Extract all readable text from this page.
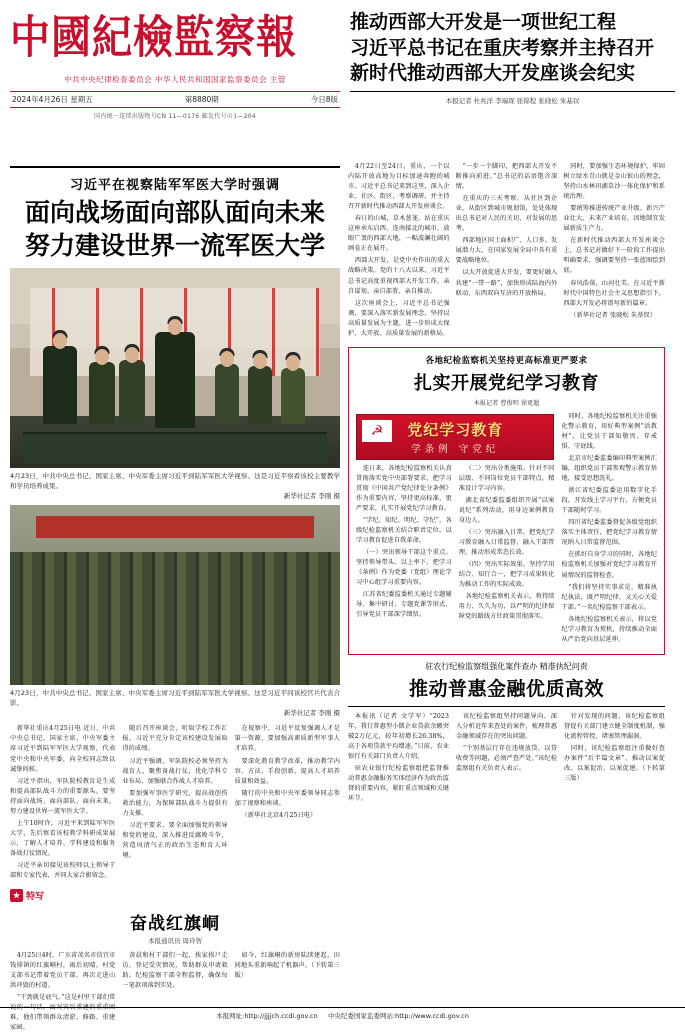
中國紀檢監察報
中共中央纪律检查委员会 中华人民共和国国家监察委员会 主管
2024年4月26日 星期五	第8880期	今日8版
国内统一连续出版物号CN 11—0176 邮发代号の1—204
推动西部大开发是一项世纪工程
习近平总书记在重庆考察并主持召开
新时代推动西部大开发座谈会纪实
本报记者 杜兆洋 李瑞琛 张锦程 张晓松 朱基钗
习近平在视察陆军军医大学时强调
面向战场面向部队面向未来
努力建设世界一流军医大学
4月23日，中共中央总书记、国家主席、中央军委主席习近平到陆军军医大学视察。这是习近平察看该校主要教学和学员培养成果。
新华社记者 李刚 摄
4月23日，中共中央总书记、国家主席、中央军委主席习近平到陆军军医大学视察。这是习近平同该校官兵代表合影。
新华社记者 李刚 摄

新华社重庆4月25日电 近日，中共中央总书记、国家主席、中央军委主席习近平到陆军军医大学视察，代表党中央和中央军委，向全校同志致以诚挚问候。

习近平指出，军队院校教育是生成和提高部队战斗力的重要源头。要坚持面向战场、面向部队、面向未来，努力建设世界一流军医大学。

上午10时许，习近平来到陆军军医大学，先后察看该校教学科研成果展示，了解人才培养、学科建设和服务备战打仗情况。

习近平亲切接见该校师以上领导干部和专家代表，并同大家合影留念。

随后召开座谈会，听取学校工作汇报。习近平充分肯定该校建设发展取得的成绩。

习近平强调，军队院校必须坚持为战育人，聚焦备战打仗，优化学科专业布局，加强联合作战人才培养。

要加强军事医学研究，提高战创伤救治能力，为保障部队战斗力提供有力支撑。

习近平要求，要全面加强党的领导和党的建设，深入推进反腐败斗争，营造风清气正的政治生态和育人环境。

在视察中，习近平反复强调人才是第一资源，要加强高素质新型军事人才培养。

要深化教育教学改革，推动教学内容、方法、手段创新，提高人才培养质量和效益。

随行的中央和中央军委领导同志参加了视察和座谈。

（新华社北京4月25日电）

★ 特写
奋战红旗峒
本报通讯员 周玲智

4月25日4时，广东省茂名市信宜市钱排镇的红旗峒村，雨后初晴。村党支部书记带着党员干部，再次走进山洪冲毁的村道。

“干劲就是底气。”这是村里干部们常说的一句话。面对灾后重建的重重困难，他们带领群众清淤、修路、重建家园。

黄晨和村干部们一起，挨家挨户走访，登记受灾情况，帮助群众申请救助。纪检监察干部全程监督，确保每一笔款项落到实处。

如今，红旗峒的新房陆续建起，田间地头重新响起了机器声。（下转第三版）

4月22日至24日，重庆、一个以内陆开放高地为目标加速奔跑的城市。习近平总书记来到这里，深入企业、社区、街区，考察调研，并主持召开新时代推动西部大开发座谈会。

春日的山城，草木葱茏。站在重庆这座承东启西、连南接北的城市，放眼广袤的西部大地，一幅波澜壮阔的画卷正在展开。

西部大开发，是党中央作出的重大战略决策。党的十八大以来，习近平总书记高度重视西部大开发工作，亲自谋划、亲自部署、亲自推动。

这次座谈会上，习近平总书记强调，要深入落实新发展理念，坚持以高质量发展为主题，进一步形成大保护、大开放、高质量发展的新格局。

“一步一个脚印，把西部大开发不断推向前进。”总书记的话语饱含深情。

在重庆的三天考察，从社区到企业，从街区到城市规划馆，处处体现出总书记对人民的关切、对发展的思考。

西部地区国土面积广、人口多、发展潜力大，在国家发展全局中具有重要战略地位。

以大开放促进大开发，要更好融入共建“一带一路”，加快形成陆海内外联动、东西双向互济的开放格局。

同时，要加强生态环境保护，牢固树立绿水青山就是金山银山的理念，坚持山水林田湖草沙一体化保护和系统治理。

要统筹推进传统产业升级、新兴产业壮大、未来产业培育，因地制宜发展新质生产力。

在新时代推动西部大开发座谈会上，总书记对做好下一阶段工作提出明确要求，强调要坚持一张蓝图绘到底。

春风浩荡，山河壮美。在习近平新时代中国特色社会主义思想指引下，西部大开发必将谱写新的篇章。

（新华社记者 张晓松 朱基钗）

各地纪检监察机关坚持更高标准更严要求
扎实开展党纪学习教育
本报记者 曹俊明 徐更超
☭	党纪学习教育
学条例 守党纪

连日来，各地纪检监察机关认真贯彻落实党中央部署要求，把学习贯彻《中国共产党纪律处分条例》作为重要内容，坚持更高标准、更严要求，扎实开展党纪学习教育。

“学纪、知纪、明纪、守纪”，各级纪检监察机关结合职责定位，以学习教育促进自我革命。

（一）突出领导干部这个重点。坚持领导带头、以上率下，把学习《条例》作为党委（党组）理论学习中心组学习重要内容。

江苏省纪委监委机关通过专题辅导、集中研讨、专题党课等形式，引导党员干部深学细悟。

（二）突出分类施策。针对不同层级、不同岗位党员干部特点，精准设计学习内容。

湖北省纪委监委组织开展“以案说纪”系列活动，用身边案例教育身边人。

（三）突出融入日常。把党纪学习教育融入日常监督、融入干部管理，推动形成常态长效。

（四）突出实际效果。坚持学用结合、知行合一，把学习成果转化为推动工作的实际成效。

各地纪检监察机关表示，将持续用力、久久为功，以严明的纪律保障党的路线方针政策贯彻落实。

同时，各地纪检监察机关注重强化警示教育，用好典型案例“活教材”，让党员干部知敬畏、存戒惧、守底线。

北京市纪委监委编印典型案例汇编，组织党员干部参观警示教育基地，接受思想洗礼。

浙江省纪委监委运用数字化手段，开发线上学习平台，方便党员干部随时学习。

四川省纪委监委督促各级党组织落实主体责任，把党纪学习教育情况纳入日常监督范围。

在抓好自身学习的同时，各地纪检监察机关加强对党纪学习教育开展情况的监督检查。

“我们将坚持实事求是，精准执纪执法，既严明纪律，又关心关爱干部。”一名纪检监察干部表示。

各地纪检监察机关表示，将以党纪学习教育为契机，持续推动全面从严治党向基层延伸。

驻农行纪检监察组强化案件查办 精准执纪问责
推动普惠金融优质高效

本报讯（记者 文学军）“2023年，我行普惠型小微企业贷款余额突破2万亿元，较年初增长26.38%，高于各项贷款平均增速。”日前，农业银行有关部门负责人介绍。

驻农业银行纪检监察组把监督推动普惠金融服务实体经济作为政治监督的重要内容，紧盯重点领域和关键环节。

该纪检监察组坚持问题导向，深入分析近年来查处的案件，梳理普惠金融领域存在的突出问题。

“个别基层行存在违规放贷、以贷收费等问题，必须严查严处。”该纪检监察组有关负责人表示。

针对发现的问题，该纪检监察组督促有关部门建立健全制度机制，强化流程管控，堵塞管理漏洞。

同时，该纪检监察组注重做好查办案件“后半篇文章”，推动以案促改、以案促治、以案促建。（下转第三版）

本报网址:http://jjjjch.ccdi.gov.cn 中央纪委国家监委网站:http://www.ccdi.gov.cn
